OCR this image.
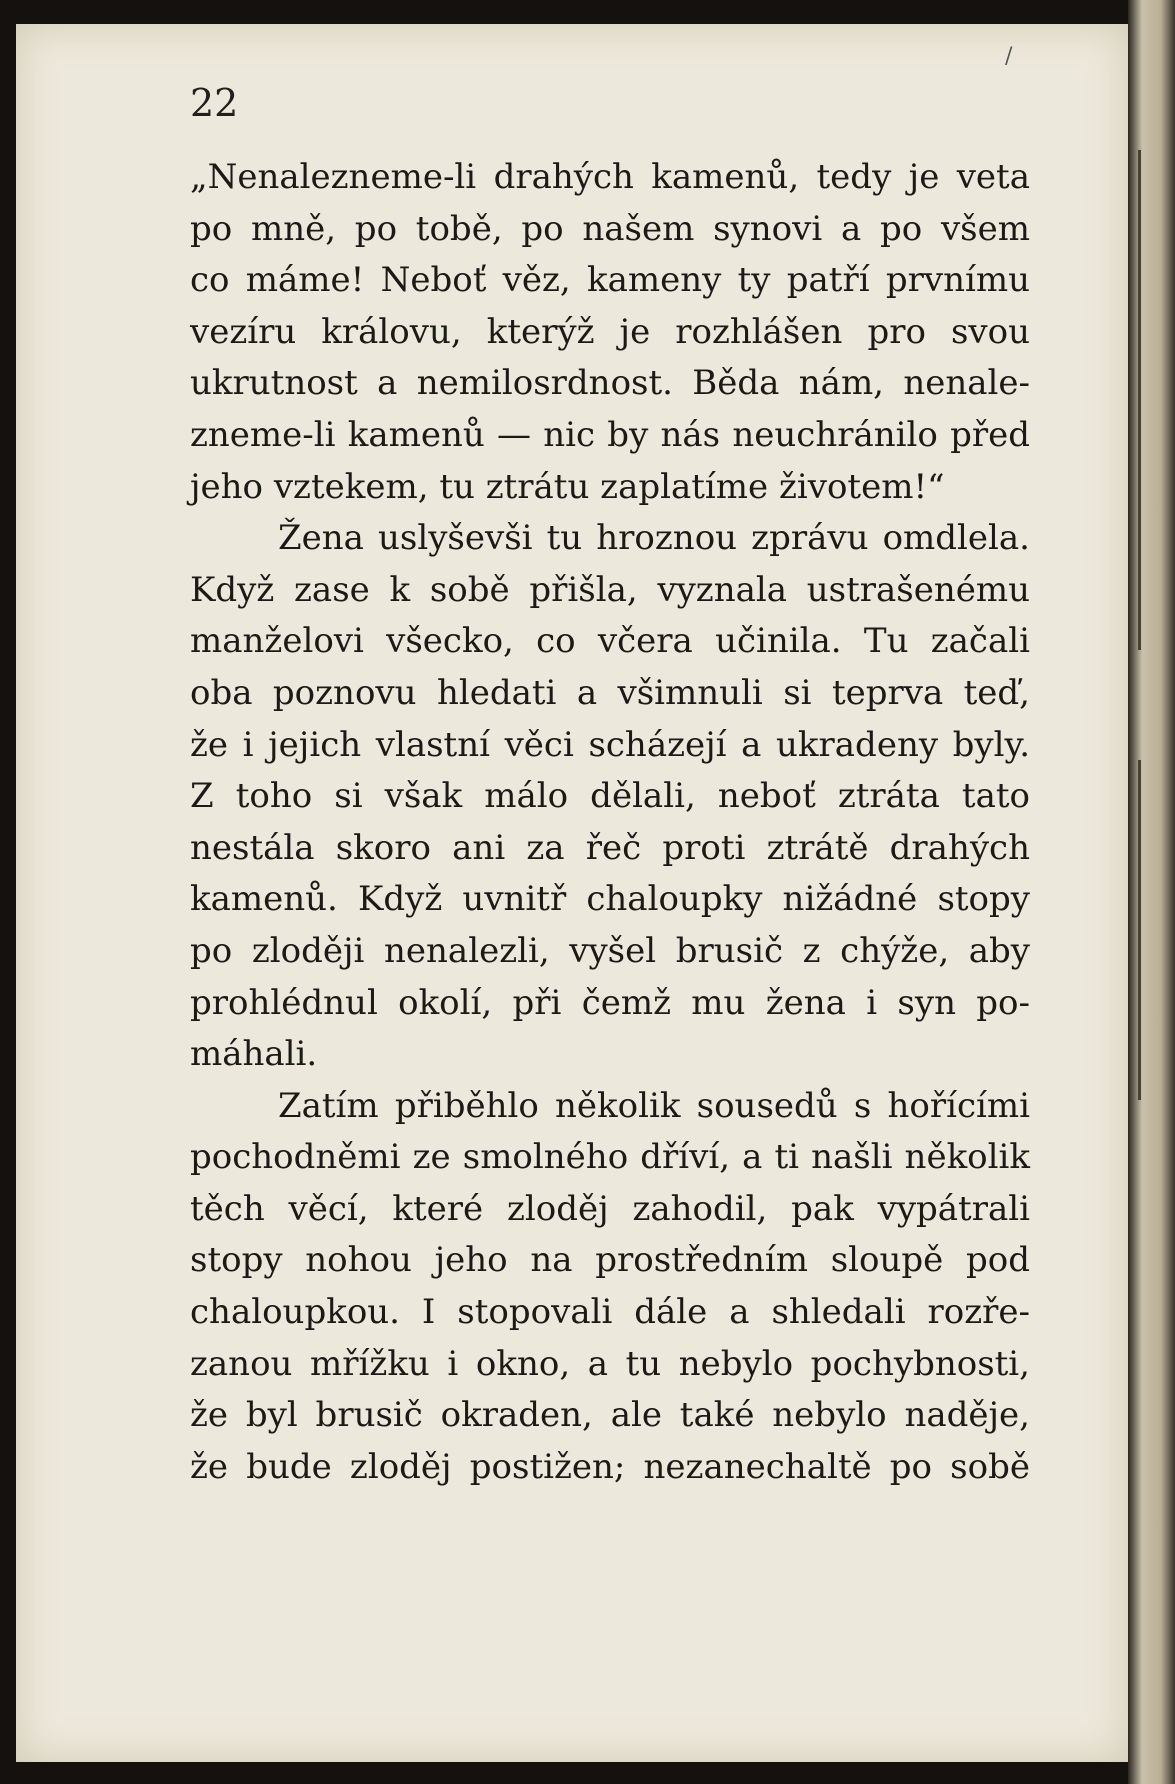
22
/
„Nenalezneme-li drahých kamenů, tedy je veta
po mně, po tobě, po našem synovi a po všem
co máme! Neboť věz, kameny ty patří prvnímu
vezíru královu, kterýž je rozhlášen pro svou
ukrutnost a nemilosrdnost. Běda nám, nenale-
zneme-li kamenů — nic by nás neuchránilo před
jeho vztekem, tu ztrátu zaplatíme životem!“
Žena uslyševši tu hroznou zprávu omdlela.
Když zase k sobě přišla, vyznala ustrašenému
manželovi všecko, co včera učinila. Tu začali
oba poznovu hledati a všimnuli si teprva teď,
že i jejich vlastní věci scházejí a ukradeny byly.
Z toho si však málo dělali, neboť ztráta tato
nestála skoro ani za řeč proti ztrátě drahých
kamenů. Když uvnitř chaloupky nižádné stopy
po zloději nenalezli, vyšel brusič z chýže, aby
prohlédnul okolí, při čemž mu žena i syn po-
máhali.
Zatím přiběhlo několik sousedů s hořícími
pochodněmi ze smolného dříví, a ti našli několik
těch věcí, které zloděj zahodil, pak vypátrali
stopy nohou jeho na prostředním sloupě pod
chaloupkou. I stopovali dále a shledali rozře-
zanou mřížku i okno, a tu nebylo pochybnosti,
že byl brusič okraden, ale také nebylo naděje,
že bude zloděj postižen; nezanechaltě po sobě
